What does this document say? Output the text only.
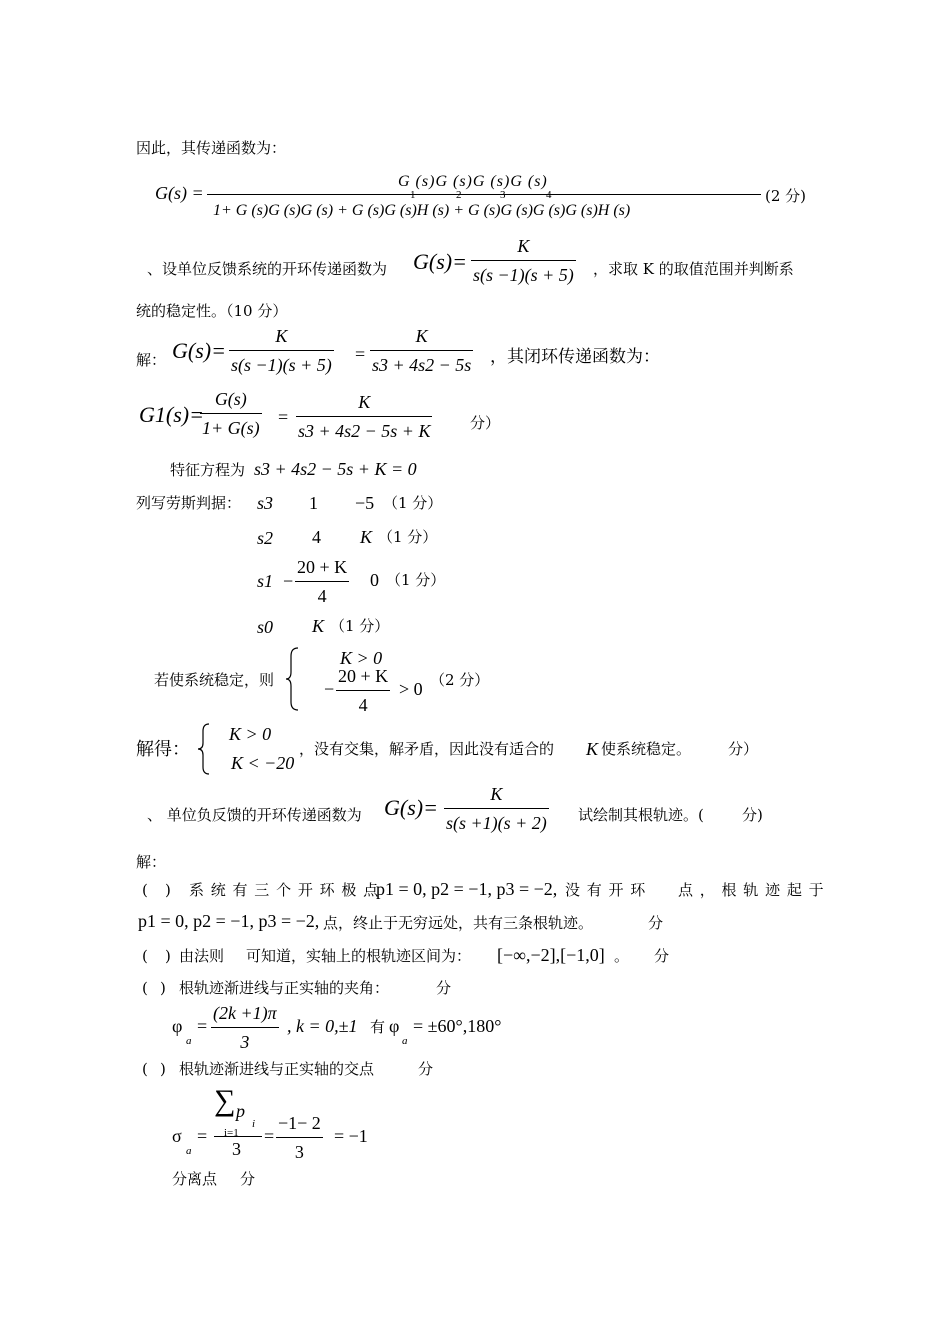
因此，其传递函数为：
G(s) =
G (s)G (s)G (s)G (s)
1	2	3	4
1+ G (s)G (s)G (s) + G (s)G (s)H (s) + G (s)G (s)G (s)G (s)H (s)
(2 分)
、设单位反馈系统的开环传递函数为 $G(s)= \frac{K}{s(s -1)(s + 5)}$ ，求取 K 的取值范围并判断系
统的稳定性。（10 分）
解： $G(s)= \frac{K}{s(s -1)(s + 5)} = \frac{K}{s3 + 4s2 - 5s}$ ，其闭环传递函数为：
G1(s)=
$\frac{G(s)}{1+ G(s)} = \frac{K}{s3 + 4s2 - 5s + K}$	分）
特征方程为 s3 + 4s2 − 5s + K = 0
列写劳斯判据： s3 1 −5 （1 分）
s2 4 K （1 分）
$s1 - \frac{20 + K}{4} 0$ （1 分）
s0 K （1 分）
若使系统稳定，则
K > 0
− $\frac{20 + K}{4} > 0$ （2 分）
解得：
K > 0
K < −20
，没有交集，解矛盾，因此没有适合的 K 使系统稳定。 分）
、 单位负反馈的开环传递函数为 $G(s)= \frac{K}{s(s +1)(s + 2)}$ 试绘制其根轨迹。(	分)
解：
( ) 系 统 有 三 个 开 环 极 点
p1 = 0, p2 = −1, p3 = −2, 没 有 开 环 点 ， 根 轨 迹 起 于
p1 = 0, p2 = −1, p3 = −2, 点，终止于无穷远处，共有三条根轨迹。	分
( ) 由法则 可知道，实轴上的根轨迹区间为： [−∞,−2],[−1,0] 。 分
( ) 根轨迹渐进线与正实轴的夹角：	分
φ
a
= $\frac{(2k +1)\pi}{3}$ , k = 0,±1 有 φ
a
= ±60°,180°
( ) 根轨迹渐进线与正实轴的交点	分
∑ p
i
i=1
σ
a
=
3
= $\frac{-1- 2}{3} = -1$
分离点 分
